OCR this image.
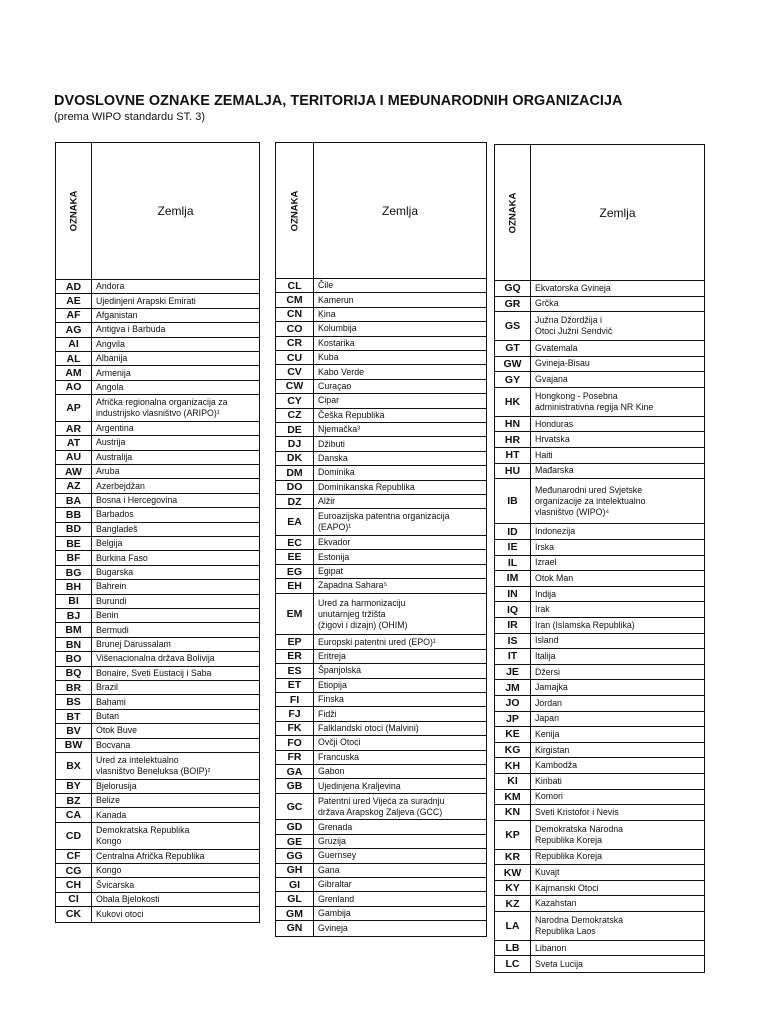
DVOSLOVNE OZNAKE ZEMALJA, TERITORIJA I MEĐUNARODNIH ORGANIZACIJA
(prema WIPO standardu ST. 3)
OZNAKA	Zemlja
AD	Andora
AE	Ujedinjeni Arapski Emirati
AF	Afganistan
AG	Antigva i Barbuda
AI	Angvila
AL	Albanija
AM	Armenija
AO	Angola
AP	Afrička regionalna organizacija za
industrijsko vlasništvo (ARIPO)¹
AR	Argentina
AT	Austrija
AU	Australija
AW	Aruba
AZ	Azerbejdžan
BA	Bosna i Hercegovina
BB	Barbados
BD	Bangladeš
BE	Belgija
BF	Burkina Faso
BG	Bugarska
BH	Bahrein
BI	Burundi
BJ	Benin
BM	Bermudi
BN	Brunej Darussalam
BO	Višenacionalna država Bolivija
BQ	Bonaire, Sveti Eustacij i Saba
BR	Brazil
BS	Bahami
BT	Butan
BV	Otok Buve
BW	Bocvana
BX	Ured za intelektualno
vlasništvo Beneluksa (BOIP)²
BY	Bjelorusija
BZ	Belize
CA	Kanada
CD	Demokratska Republika
Kongo
CF	Centralna Afrička Republika
CG	Kongo
CH	Švicarska
CI	Obala Bjelokosti
CK	Kukovi otoci
OZNAKA	Zemlja
CL	Čile
CM	Kamerun
CN	Kina
CO	Kolumbija
CR	Kostarika
CU	Kuba
CV	Kabo Verde
CW	Curaçao
CY	Cipar
CZ	Češka Republika
DE	Njemačka³
DJ	Džibuti
DK	Danska
DM	Dominika
DO	Dominikanska Republika
DZ	Alžir
EA	Euroazijska patentna organizacija
(EAPO)¹
EC	Ekvador
EE	Estonija
EG	Egipat
EH	Zapadna Sahara⁵
EM
Ured za harmonizaciju
unutarnjeg tržišta
(žigovi i dizajn) (OHIM)
EP	Europski patentni ured (EPO)¹
ER	Eritreja
ES	Španjolska
ET	Etiopija
FI	Finska
FJ	Fidži
FK	Falklandski otoci (Malvini)
FO	Ovčji Otoci
FR	Francuska
GA	Gabon
GB	Ujedinjena Kraljevina
GC	Patentni ured Vijeća za suradnju
država Arapskog Zaljeva (GCC)
GD	Grenada
GE	Gruzija
GG	Guernsey
GH	Gana
GI	Gibraltar
GL	Grenland
GM	Gambija
GN	Gvineja
OZNAKA	Zemlja
GQ	Ekvatorska Gvineja
GR	Grčka
GS	Južna Džordžija i
Otoci Južni Sendvič
GT	Gvatemala
GW	Gvineja-Bisau
GY	Gvajana
HK	Hongkong - Posebna
administrativna regija NR Kine
HN	Honduras
HR	Hrvatska
HT	Haiti
HU	Mađarska
IB
Međunarodni ured Svjetske
organizacije za intelektualno
vlasništvo (WIPO)⁴
ID	Indonezija
IE	Irska
IL	Izrael
IM	Otok Man
IN	Indija
IQ	Irak
IR	Iran (Islamska Republika)
IS	Island
IT	Italija
JE	Džersi
JM	Jamajka
JO	Jordan
JP	Japan
KE	Kenija
KG	Kirgistan
KH	Kambodža
KI	Kiribati
KM	Komori
KN	Sveti Kristofor i Nevis
KP	Demokratska Narodna
Republika Koreja
KR	Republika Koreja
KW	Kuvajt
KY	Kajmanski Otoci
KZ	Kazahstan
LA	Narodna Demokratska
Republika Laos
LB	Libanon
LC	Sveta Lucija
